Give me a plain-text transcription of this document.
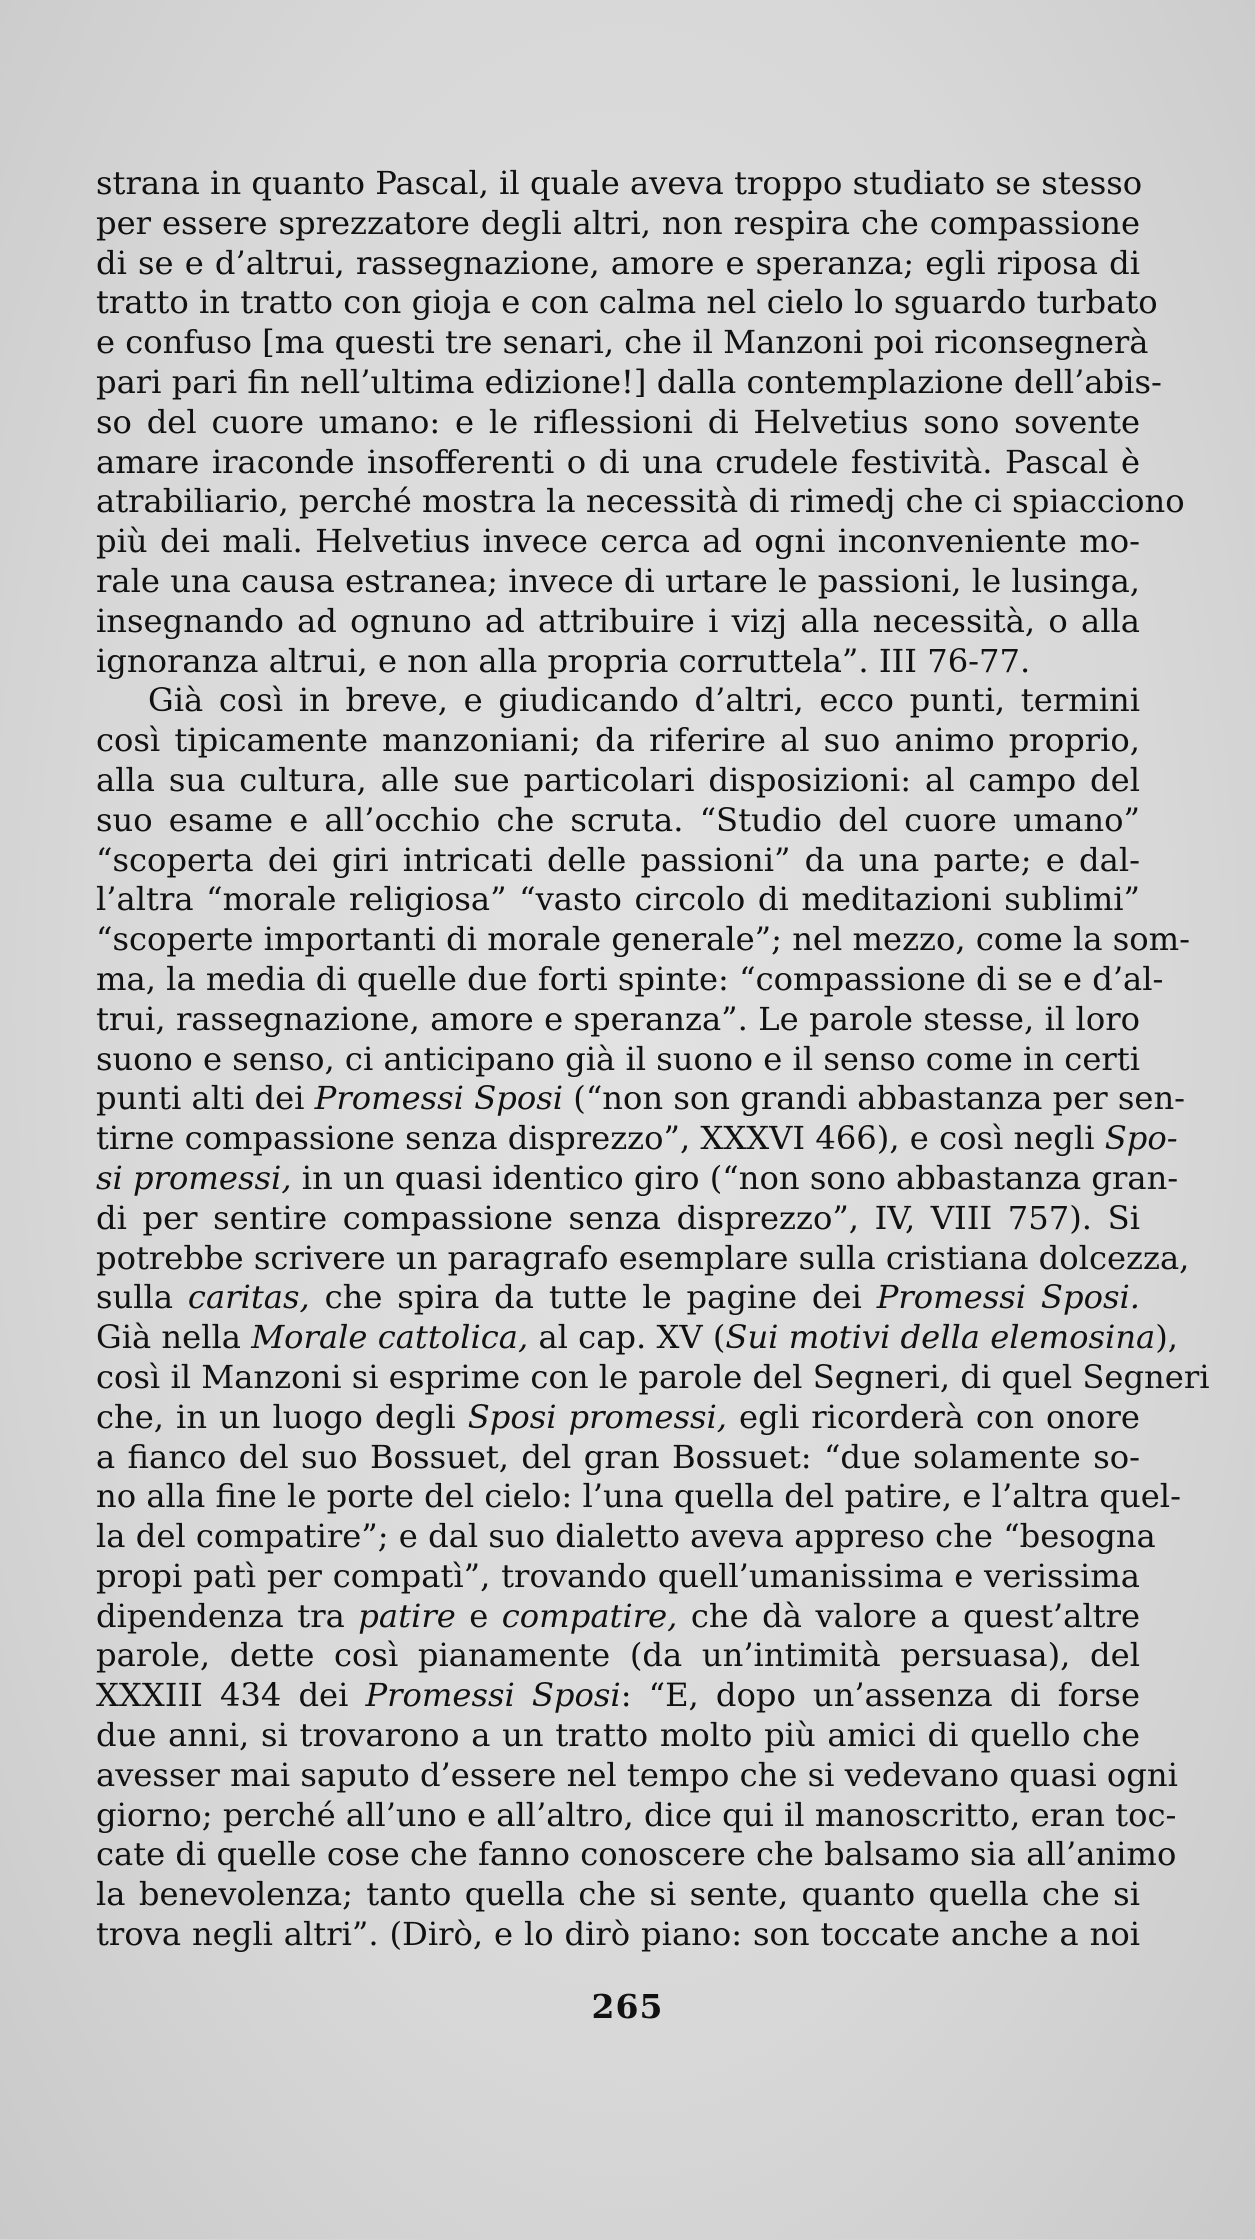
strana in quanto Pascal, il quale aveva troppo studiato se stesso
per essere sprezzatore degli altri, non respira che compassione
di se e d’altrui, rassegnazione, amore e speranza; egli riposa di
tratto in tratto con gioja e con calma nel cielo lo sguardo turbato
e confuso [ma questi tre senari, che il Manzoni poi riconsegnerà
pari pari fin nell’ultima edizione!] dalla contemplazione dell’abis-
so del cuore umano: e le riflessioni di Helvetius sono sovente
amare iraconde insofferenti o di una crudele festività. Pascal è
atrabiliario, perché mostra la necessità di rimedj che ci spiacciono
più dei mali. Helvetius invece cerca ad ogni inconveniente mo-
rale una causa estranea; invece di urtare le passioni, le lusinga,
insegnando ad ognuno ad attribuire i vizj alla necessità, o alla
ignoranza altrui, e non alla propria corruttela”. III 76-77.
Già così in breve, e giudicando d’altri, ecco punti, termini
così tipicamente manzoniani; da riferire al suo animo proprio,
alla sua cultura, alle sue particolari disposizioni: al campo del
suo esame e all’occhio che scruta. “Studio del cuore umano”
“scoperta dei giri intricati delle passioni” da una parte; e dal-
l’altra “morale religiosa” “vasto circolo di meditazioni sublimi”
“scoperte importanti di morale generale”; nel mezzo, come la som-
ma, la media di quelle due forti spinte: “compassione di se e d’al-
trui, rassegnazione, amore e speranza”. Le parole stesse, il loro
suono e senso, ci anticipano già il suono e il senso come in certi
punti alti dei Promessi Sposi (“non son grandi abbastanza per sen-
tirne compassione senza disprezzo”, XXXVI 466), e così negli Spo-
si promessi, in un quasi identico giro (“non sono abbastanza gran-
di per sentire compassione senza disprezzo”, IV, VIII 757). Si
potrebbe scrivere un paragrafo esemplare sulla cristiana dolcezza,
sulla caritas, che spira da tutte le pagine dei Promessi Sposi.
Già nella Morale cattolica, al cap. XV (Sui motivi della elemosina),
così il Manzoni si esprime con le parole del Segneri, di quel Segneri
che, in un luogo degli Sposi promessi, egli ricorderà con onore
a fianco del suo Bossuet, del gran Bossuet: “due solamente so-
no alla fine le porte del cielo: l’una quella del patire, e l’altra quel-
la del compatire”; e dal suo dialetto aveva appreso che “besogna
propi patì per compatì”, trovando quell’umanissima e verissima
dipendenza tra patire e compatire, che dà valore a quest’altre
parole, dette così pianamente (da un’intimità persuasa), del
XXXIII 434 dei Promessi Sposi: “E, dopo un’assenza di forse
due anni, si trovarono a un tratto molto più amici di quello che
avesser mai saputo d’essere nel tempo che si vedevano quasi ogni
giorno; perché all’uno e all’altro, dice qui il manoscritto, eran toc-
cate di quelle cose che fanno conoscere che balsamo sia all’animo
la benevolenza; tanto quella che si sente, quanto quella che si
trova negli altri”. (Dirò, e lo dirò piano: son toccate anche a noi
265
